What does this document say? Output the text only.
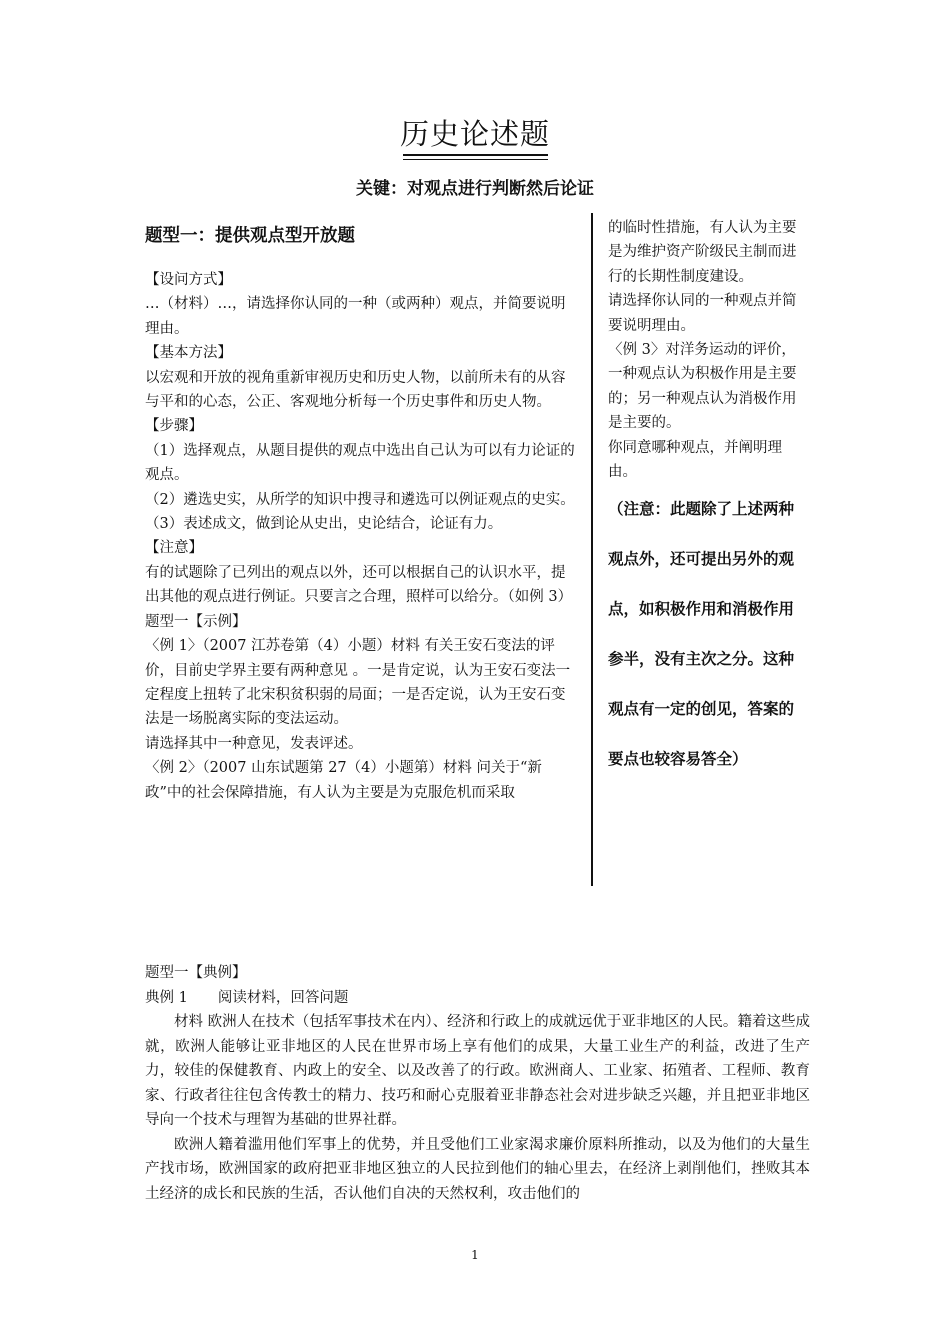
历史论述题
关键：对观点进行判断然后论证
题型一：提供观点型开放题

【设问方式】

…（材料）…，请选择你认同的一种（或两种）观点，并简要说明理由。

【基本方法】

以宏观和开放的视角重新审视历史和历史人物，以前所未有的从容与平和的心态，公正、客观地分析每一个历史事件和历史人物。

【步骤】

（1）选择观点，从题目提供的观点中选出自己认为可以有力论证的观点。

（2）遴选史实，从所学的知识中搜寻和遴选可以例证观点的史实。

（3）表述成文，做到论从史出，史论结合，论证有力。

【注意】

有的试题除了已列出的观点以外，还可以根据自己的认识水平，提出其他的观点进行例证。只要言之合理，照样可以给分。（如例 3）

题型一【示例】

〈例 1〉（2007 江苏卷第（4）小题）材料 有关王安石变法的评价，目前史学界主要有两种意见 。一是肯定说，认为王安石变法一定程度上扭转了北宋积贫积弱的局面；一是否定说，认为王安石变法是一场脱离实际的变法运动。

请选择其中一种意见，发表评述。

〈例 2〉（2007 山东试题第 27（4）小题第）材料 问关于“新政”中的社会保障措施，有人认为主要是为克服危机而采取

的临时性措施，有人认为主要是为维护资产阶级民主制而进行的长期性制度建设。

请选择你认同的一种观点并简要说明理由。

〈例 3〉对洋务运动的评价，一种观点认为积极作用是主要的；另一种观点认为消极作用是主要的。

你同意哪种观点，并阐明理由。

（注意：此题除了上述两种观点外，还可提出另外的观点，如积极作用和消极作用参半，没有主次之分。这种观点有一定的创见，答案的要点也较容易答全）

题型一【典例】

典例 1 阅读材料，回答问题

材料 欧洲人在技术（包括军事技术在内）、经济和行政上的成就远优于亚非地区的人民。籍着这些成就，欧洲人能够让亚非地区的人民在世界市场上享有他们的成果，大量工业生产的利益，改进了生产力，较佳的保健教育、内政上的安全、以及改善了的行政。欧洲商人、工业家、拓殖者、工程师、教育家、行政者往往包含传教士的精力、技巧和耐心克服着亚非静态社会对进步缺乏兴趣，并且把亚非地区导向一个技术与理智为基础的世界社群。

欧洲人籍着滥用他们军事上的优势，并且受他们工业家渴求廉价原料所推动，以及为他们的大量生产找市场，欧洲国家的政府把亚非地区独立的人民拉到他们的轴心里去，在经济上剥削他们，挫败其本土经济的成长和民族的生活，否认他们自决的天然权利，攻击他们的

1
